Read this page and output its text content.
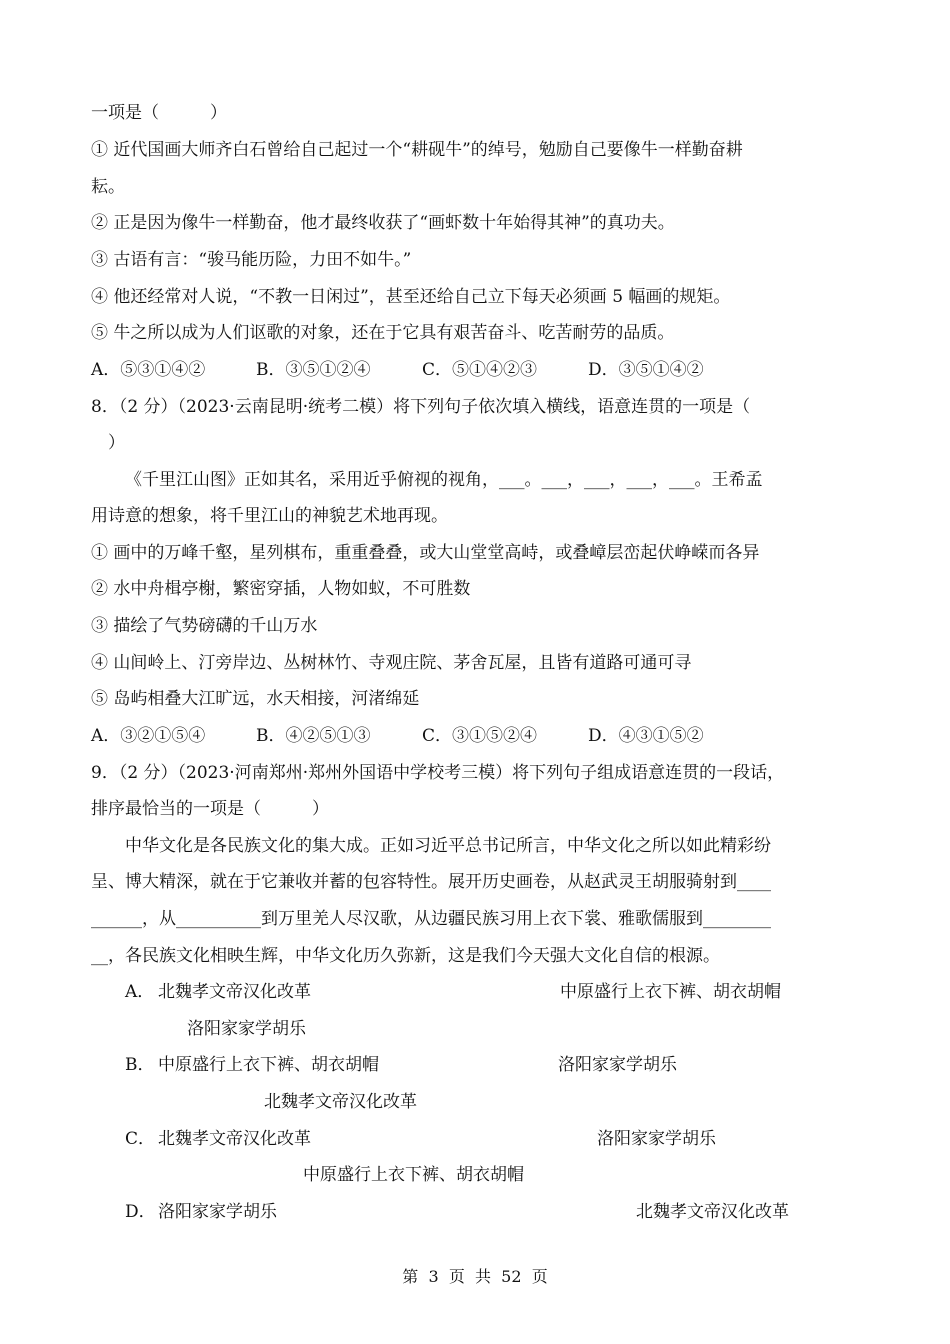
一项是（　　　）
① 近代国画大师齐白石曾给自己起过一个“耕砚牛”的绰号，勉励自己要像牛一样勤奋耕
耘。
② 正是因为像牛一样勤奋，他才最终收获了“画虾数十年始得其神”的真功夫。
③ 古语有言：“骏马能历险，力田不如牛。”
④ 他还经常对人说，“不教一日闲过”，甚至还给自己立下每天必须画 5 幅画的规矩。
⑤ 牛之所以成为人们讴歌的对象，还在于它具有艰苦奋斗、吃苦耐劳的品质。
A．⑤③①④②	B．③⑤①②④	C．⑤①④②③	D．③⑤①④②
8．（2 分）（2023·云南昆明·统考二模）将下列句子依次填入横线，语意连贯的一项是（
　）
《千里江山图》正如其名，采用近乎俯视的视角，___。___，___，___，___。王希孟
用诗意的想象，将千里江山的神貌艺术地再现。
① 画中的万峰千壑，星列棋布，重重叠叠，或大山堂堂高峙，或叠嶂层峦起伏峥嵘而各异
② 水中舟楫亭榭，繁密穿插，人物如蚁，不可胜数
③ 描绘了气势磅礴的千山万水
④ 山间岭上、汀旁岸边、丛树林竹、寺观庄院、茅舍瓦屋，且皆有道路可通可寻
⑤ 岛屿相叠大江旷远，水天相接，河渚绵延
A．③②①⑤④	B．④②⑤①③	C．③①⑤②④	D．④③①⑤②
9．（2 分）（2023·河南郑州·郑州外国语中学校考三模）将下列句子组成语意连贯的一段话，
排序最恰当的一项是（　　　）
中华文化是各民族文化的集大成。正如习近平总书记所言，中华文化之所以如此精彩纷
呈、博大精深，就在于它兼收并蓄的包容特性。展开历史画卷，从赵武灵王胡服骑射到____
______，从__________到万里羌人尽汉歌，从边疆民族习用上衣下裳、雅歌儒服到________
__，各民族文化相映生辉，中华文化历久弥新，这是我们今天强大文化自信的根源。
A． 北魏孝文帝汉化改革	中原盛行上衣下裤、胡衣胡帽
洛阳家家学胡乐
B． 中原盛行上衣下裤、胡衣胡帽	洛阳家家学胡乐
北魏孝文帝汉化改革
C． 北魏孝文帝汉化改革	洛阳家家学胡乐
中原盛行上衣下裤、胡衣胡帽
D． 洛阳家家学胡乐	北魏孝文帝汉化改革
第  3  页  共  52  页
